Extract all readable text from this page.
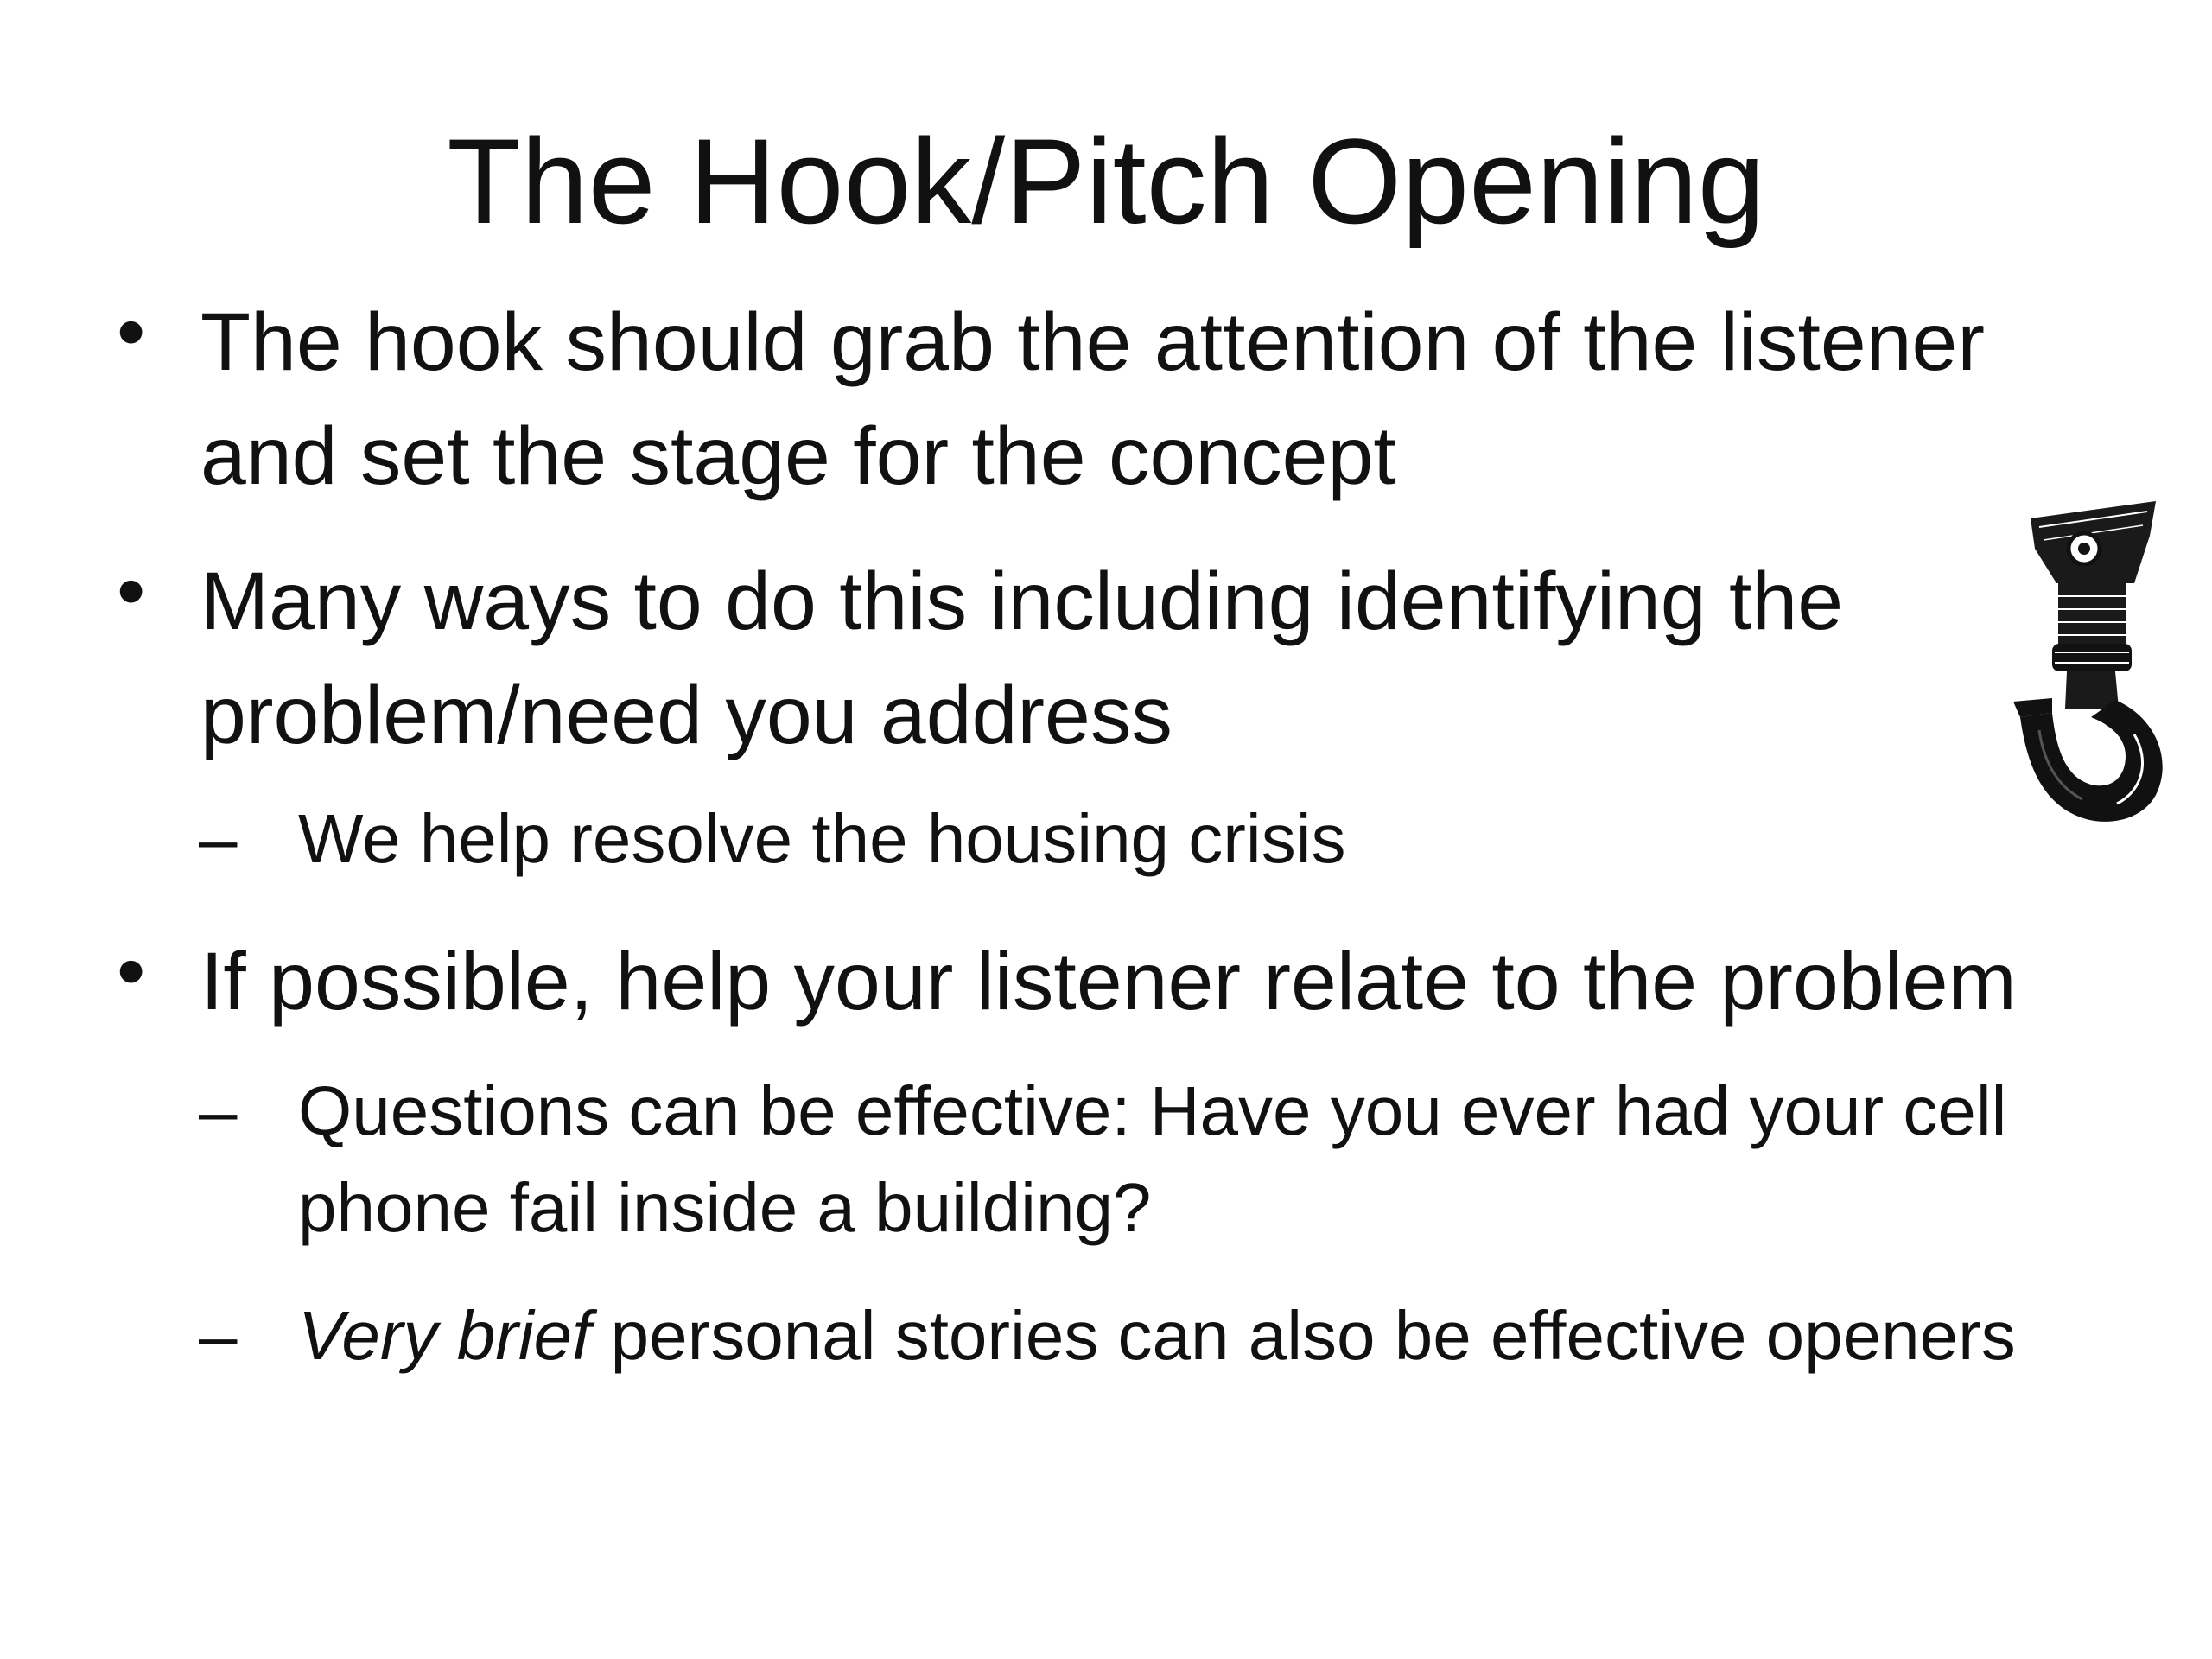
The Hook/Pitch Opening
• The hook should grab the attention of the listener
and set the stage for the concept
• Many ways to do this including identifying the
problem/need you address
– We help resolve the housing crisis
• If possible, help your listener relate to the problem
– Questions can be effective: Have you ever had your cell
phone fail inside a building?
– Very brief personal stories can also be effective openers
